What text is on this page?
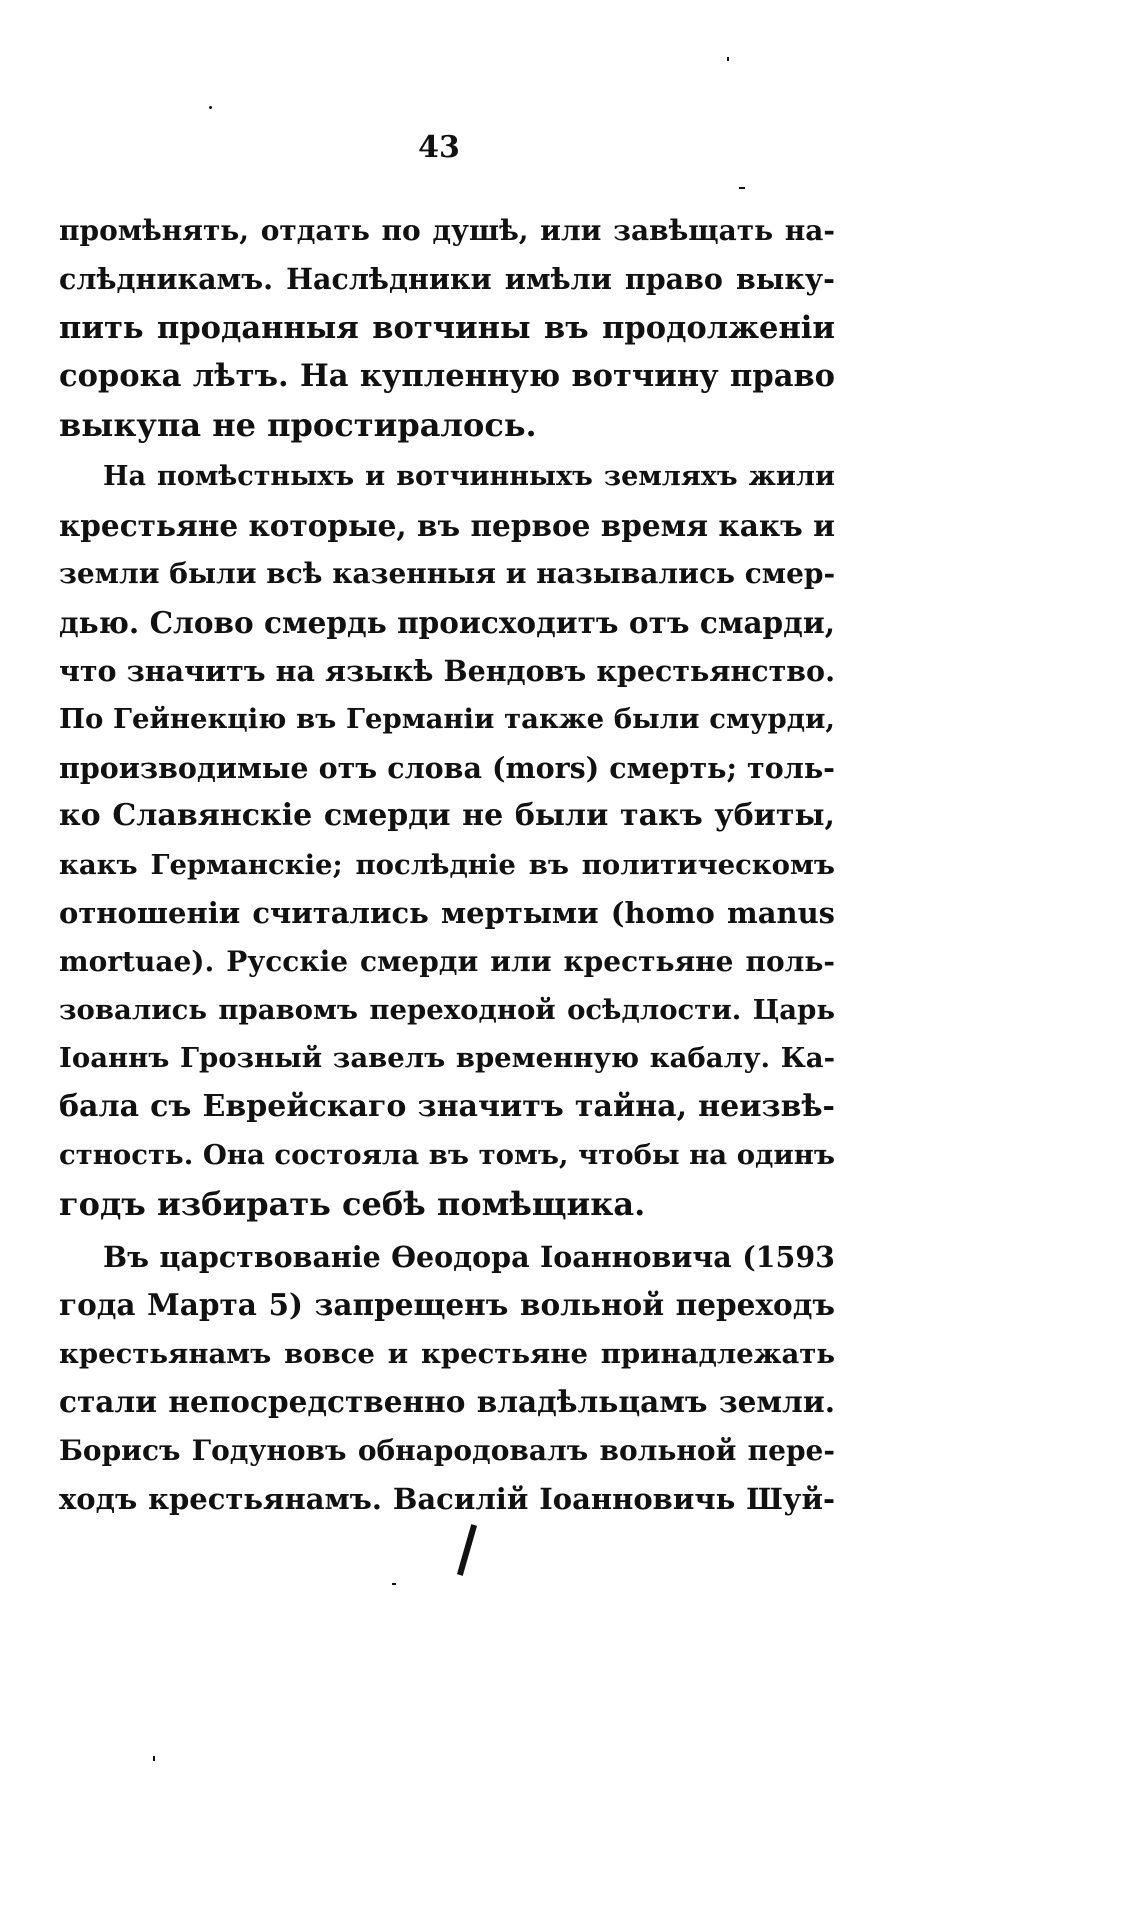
43
промѣнять, отдать по душѣ, или завѣщать на-
слѣдникамъ. Наслѣдники имѣли право выку-
пить проданныя вотчины въ продолженiи
сорока лѣтъ. На купленную вотчину право
выкупа не простиралось.
На помѣстныхъ и вотчинныхъ земляхъ жили
крестьяне которые, въ первое время какъ и
земли были всѣ казенныя и назывались смер-
дью. Слово смердь происходитъ отъ смарди,
что значитъ на языкѣ Вендовъ крестьянство.
По Гейнекцiю въ Германiи также были смурди,
производимые отъ слова (mors) смерть; толь-
ко Славянскiе смерди не были такъ убиты,
какъ Германскiе; послѣднiе въ политическомъ
отношенiи считались мертыми (homo manus
mortuae). Русскiе смерди или крестьяне поль-
зовались правомъ переходной осѣдлости. Царь
Iоаннъ Грозный завелъ временную кабалу. Ка-
бала съ Еврейскаго значитъ тайна, неизвѣ-
стность. Она состояла въ томъ, чтобы на одинъ
годъ избирать себѣ помѣщика.
Въ царствованiе Ѳеодора Iоанновича (1593
года Марта 5) запрещенъ вольной переходъ
крестьянамъ вовсе и крестьяне принадлежать
стали непосредственно владѣльцамъ земли.
Борисъ Годуновъ обнародовалъ вольной пере-
ходъ крестьянамъ. Василiй Iоанновичь Шуй-
